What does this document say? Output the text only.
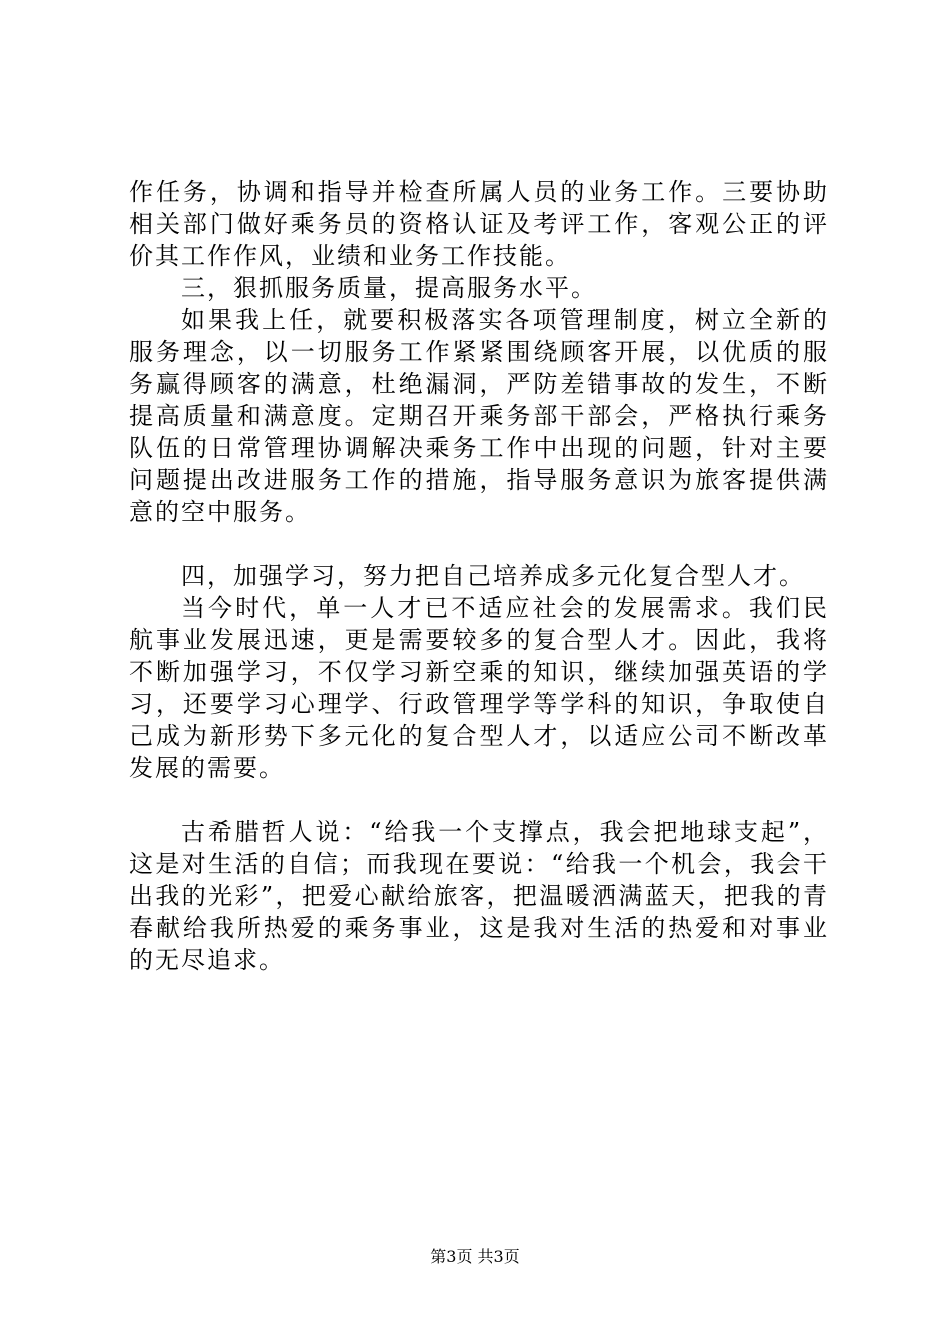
作任务，协调和指导并检查所属人员的业务工作。三要协助相关部门做好乘务员的资格认证及考评工作，客观公正的评价其工作作风，业绩和业务工作技能。

三，狠抓服务质量，提高服务水平。

如果我上任，就要积极落实各项管理制度，树立全新的服务理念，以一切服务工作紧紧围绕顾客开展，以优质的服务赢得顾客的满意，杜绝漏洞，严防差错事故的发生，不断提高质量和满意度。定期召开乘务部干部会，严格执行乘务队伍的日常管理协调解决乘务工作中出现的问题，针对主要问题提出改进服务工作的措施，指导服务意识为旅客提供满意的空中服务。

四，加强学习，努力把自己培养成多元化复合型人才。

当今时代，单一人才已不适应社会的发展需求。我们民航事业发展迅速，更是需要较多的复合型人才。因此，我将不断加强学习，不仅学习新空乘的知识，继续加强英语的学习，还要学习心理学、行政管理学等学科的知识，争取使自己成为新形势下多元化的复合型人才，以适应公司不断改革发展的需要。

古希腊哲人说：“给我一个支撑点，我会把地球支起”，这是对生活的自信；而我现在要说：“给我一个机会，我会干出我的光彩”，把爱心献给旅客，把温暖洒满蓝天，把我的青春献给我所热爱的乘务事业，这是我对生活的热爱和对事业的无尽追求。

第3页 共3页
